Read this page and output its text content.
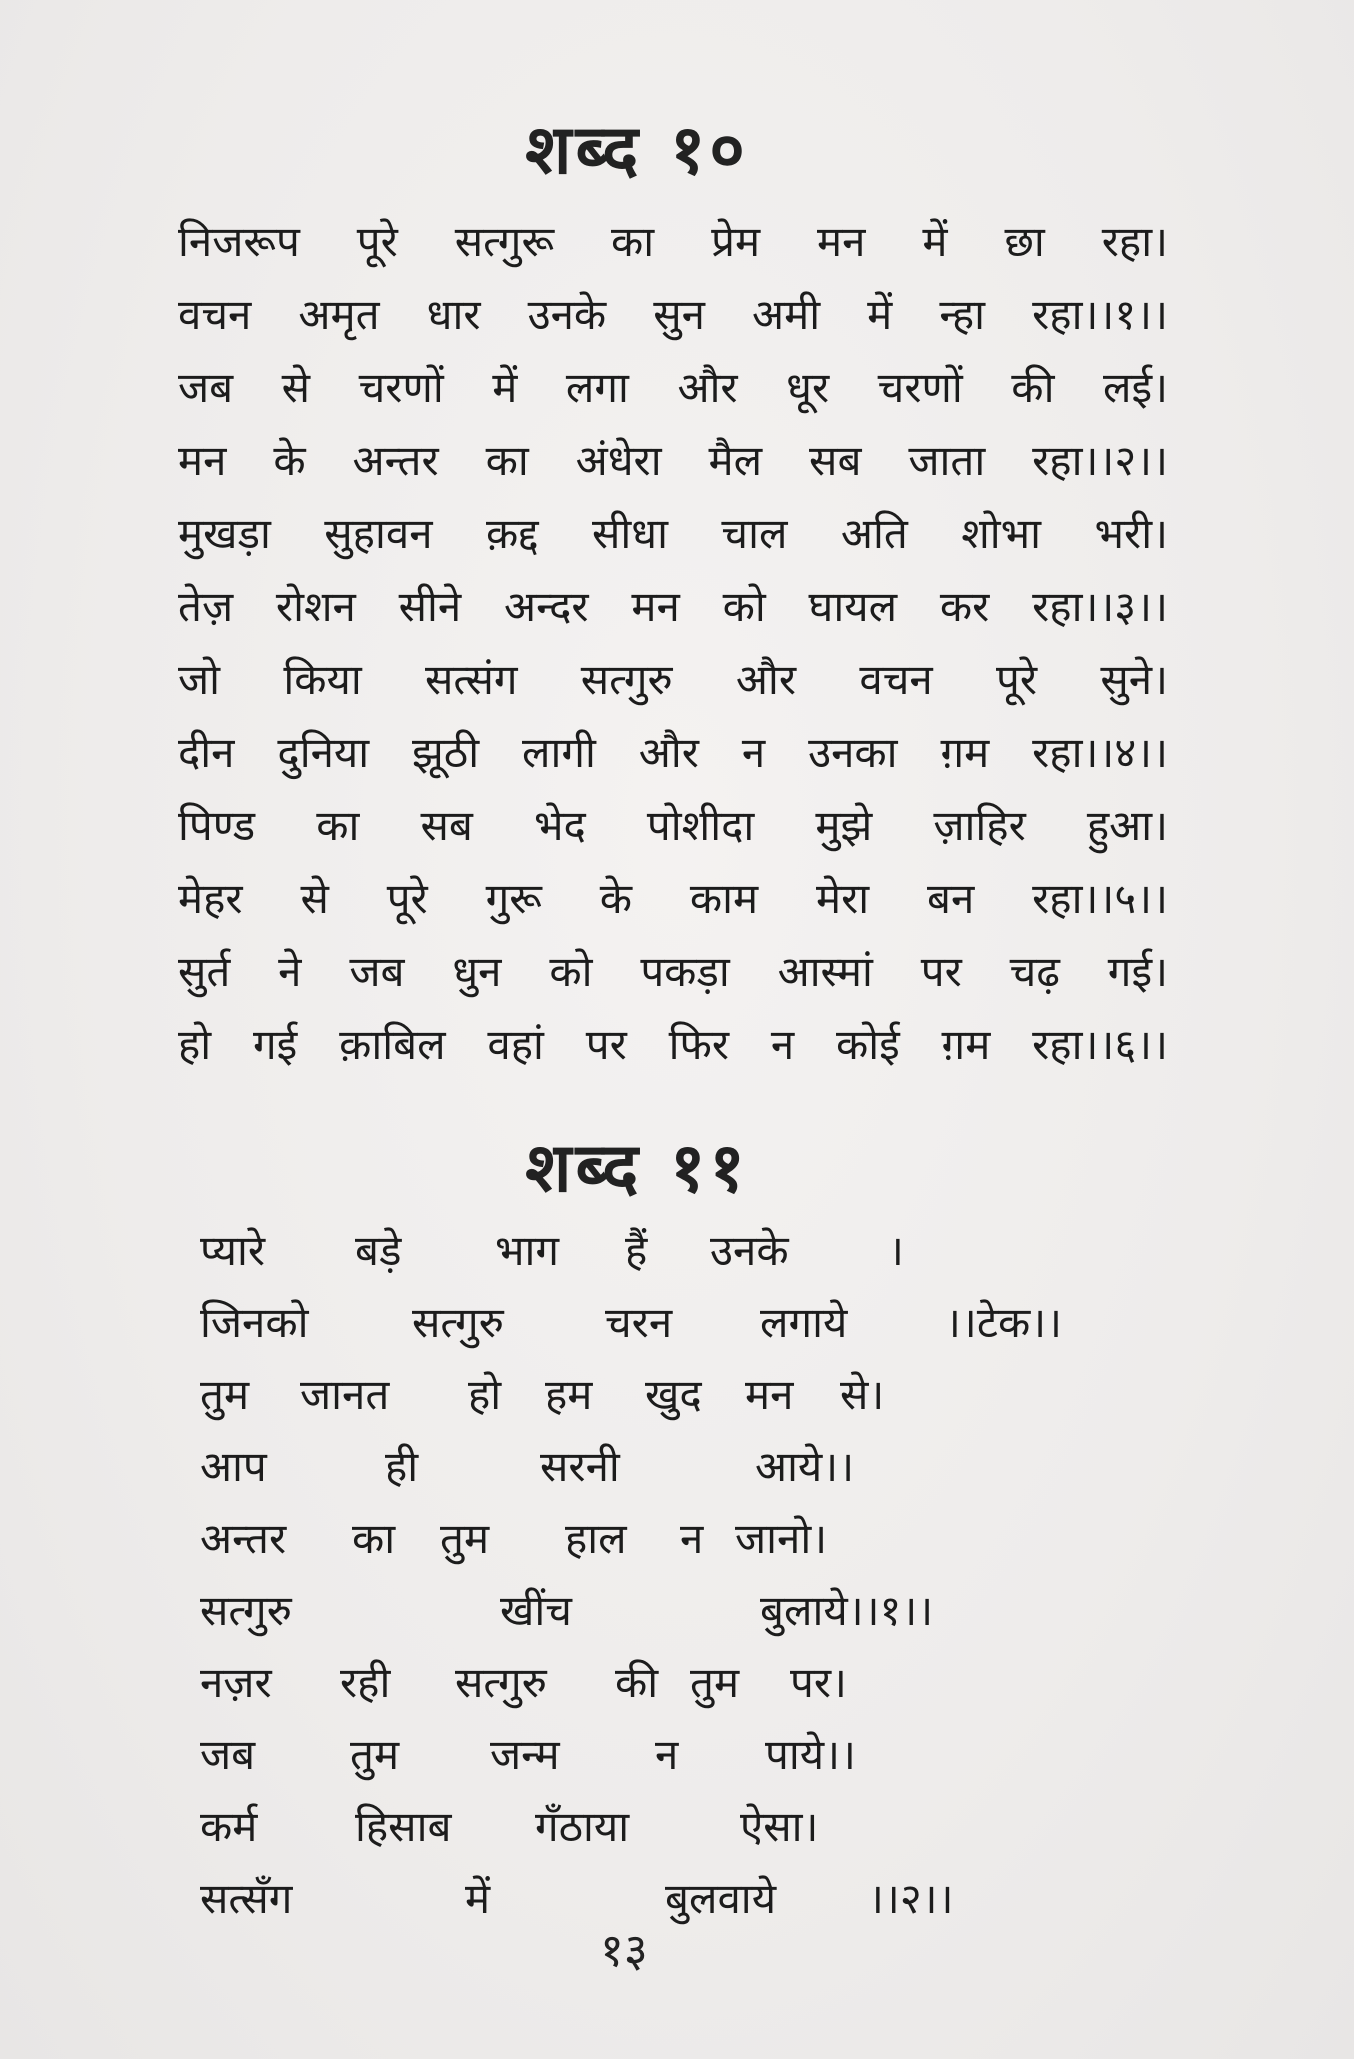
शब्द १०
निजरूप पूरे सत्गुरू का प्रेम मन में छा रहा।
वचन अमृत धार उनके सुन अमी में न्हा रहा।।१।।
जब से चरणों में लगा और धूर चरणों की लई।
मन के अन्तर का अंधेरा मैल सब जाता रहा।।२।।
मुखड़ा सुहावन क़द्द सीधा चाल अति शोभा भरी।
तेज़ रोशन सीने अन्दर मन को घायल कर रहा।।३।।
जो किया सत्संग सत्गुरु और वचन पूरे सुने।
दीन दुनिया झूठी लागी और न उनका ग़म रहा।।४।।
पिण्ड का सब भेद पोशीदा मुझे ज़ाहिर हुआ।
मेहर से पूरे गुरू के काम मेरा बन रहा।।५।।
सुर्त ने जब धुन को पकड़ा आस्मां पर चढ़ गई।
हो गई क़ाबिल वहां पर फिर न कोई ग़म रहा।।६।।
शब्द ११
प्यारे बड़े भाग हैं उनके ।
जिनको सत्गुरु चरन लगाये ।।टेक।।
तुम जानत हो हम खुद मन से।
आप	ही	सरनी	आये।।
अन्तर का तुम हाल न जानो।
सत्गुरु	खींच	बुलाये।।१।।
नज़र रही सत्गुरु की तुम पर।
जब तुम जन्म न पाये।।
कर्म हिसाब गँठाया	ऐसा।
सत्सँग	में	बुलवाये ।।२।।
१३
